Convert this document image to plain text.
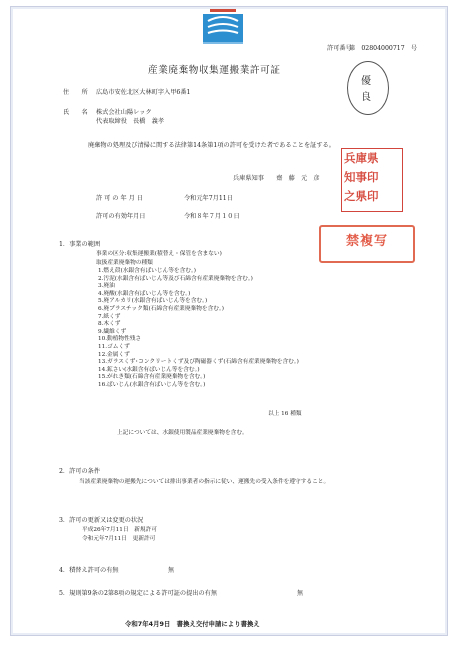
許可番号
第　02804000717　号
産業廃棄物収集運搬業許可証
優
良
住　　所 広島市安佐北区大林町字入甲6番1
氏　　名 株式会社山陽レック
代表取締役　長橋　義孝
廃棄物の処理及び清掃に関する法律第14条第1項の許可を受けた者であることを証する。
兵庫県知事　　齋　藤　元　彦
兵庫県
知事印
之県印
許 可 の 年 月 日	令和元年7月11日
許可の有効年月日	令和８年７月１０日
禁複写
1．事業の範囲
事業の区分:収集運搬業(積替え・保管を含まない)
取扱産業廃棄物の種類
1.燃え殻(水銀含有ばいじん等を含む。)
2.汚泥(水銀含有ばいじん等及び石綿含有産業廃棄物を含む。)
3.廃油
4.廃酸(水銀含有ばいじん等を含む。)
5.廃アルカリ(水銀含有ばいじん等を含む。)
6.廃プラスチック類(石綿含有産業廃棄物を含む。)
7.紙くず
8.木くず
9.繊維くず
10.動植物性残さ
11.ゴムくず
12.金属くず
13.ガラスくず･コンクリートくず及び陶磁器くず(石綿含有産業廃棄物を含む。)
14.鉱さい(水銀含有ばいじん等を含む。)
15.がれき類(石綿含有産業廃棄物を含む。)
16.ばいじん(水銀含有ばいじん等を含む。)
以上 16 種類
上記については、水銀使用製品産業廃棄物を含む。
2．許可の条件
当該産業廃棄物の運搬先については排出事業者の指示に従い、運搬先の受入条件を遵守すること。
3．許可の更新又は変更の状況
平成26年7月11日　新規許可
令和元年7月11日　更新許可
4．積替え許可の有無	無
5．規則第9条の2第8項の規定による許可証の提出の有無	無
令和7年4月9日　書換え交付申請により書換え
